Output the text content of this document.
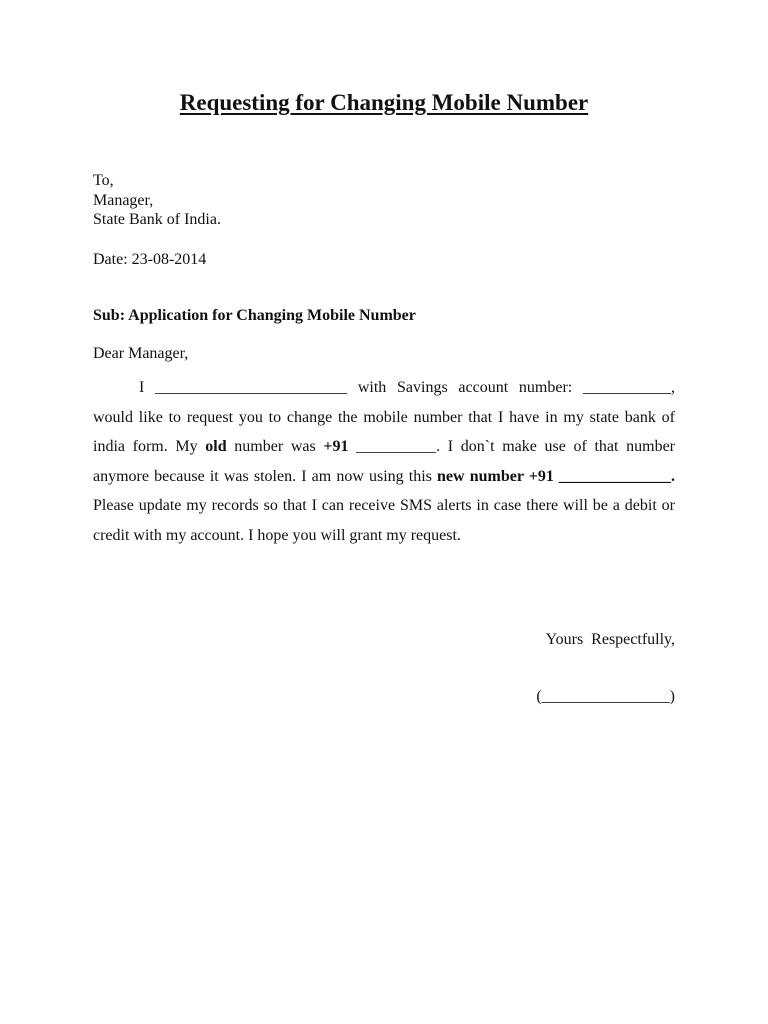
Requesting for Changing Mobile Number
To,
Manager,
State Bank of India.
Date: 23-08-2014
Sub: Application for Changing Mobile Number
Dear Manager,
I ________________________ with Savings account number: ___________, would like to request you to change the mobile number that I have in my state bank of india form. My old number was +91 __________. I don`t make use of that number anymore because it was stolen. I am now using this new number +91 ______________. Please update my records so that I can receive SMS alerts in case there will be a debit or credit with my account. I hope you will grant my request.
Yours  Respectfully,
(________________)
